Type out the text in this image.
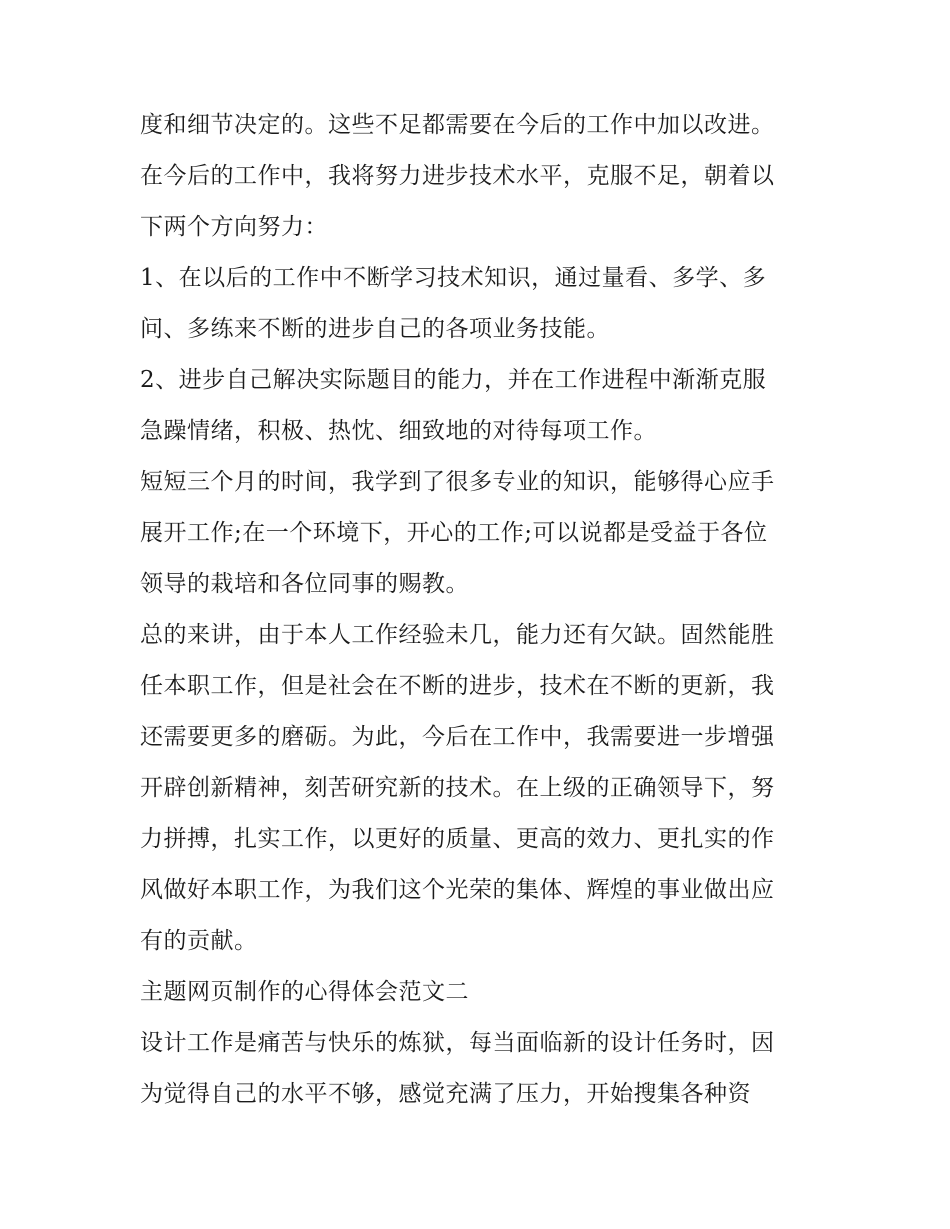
度和细节决定的。这些不足都需要在今后的工作中加以改进。
在今后的工作中，我将努力进步技术水平，克服不足，朝着以
下两个方向努力：
1、在以后的工作中不断学习技术知识，通过量看、多学、多
问、多练来不断的进步自己的各项业务技能。
2、进步自己解决实际题目的能力，并在工作进程中渐渐克服
急躁情绪，积极、热忱、细致地的对待每项工作。
短短三个月的时间，我学到了很多专业的知识，能够得心应手
展开工作;在一个环境下，开心的工作;可以说都是受益于各位
领导的栽培和各位同事的赐教。
总的来讲，由于本人工作经验未几，能力还有欠缺。固然能胜
任本职工作，但是社会在不断的进步，技术在不断的更新，我
还需要更多的磨砺。为此，今后在工作中，我需要进一步增强
开辟创新精神，刻苦研究新的技术。在上级的正确领导下，努
力拼搏，扎实工作，以更好的质量、更高的效力、更扎实的作
风做好本职工作，为我们这个光荣的集体、辉煌的事业做出应
有的贡献。
主题网页制作的心得体会范文二
设计工作是痛苦与快乐的炼狱，每当面临新的设计任务时，因
为觉得自己的水平不够，感觉充满了压力，开始搜集各种资
